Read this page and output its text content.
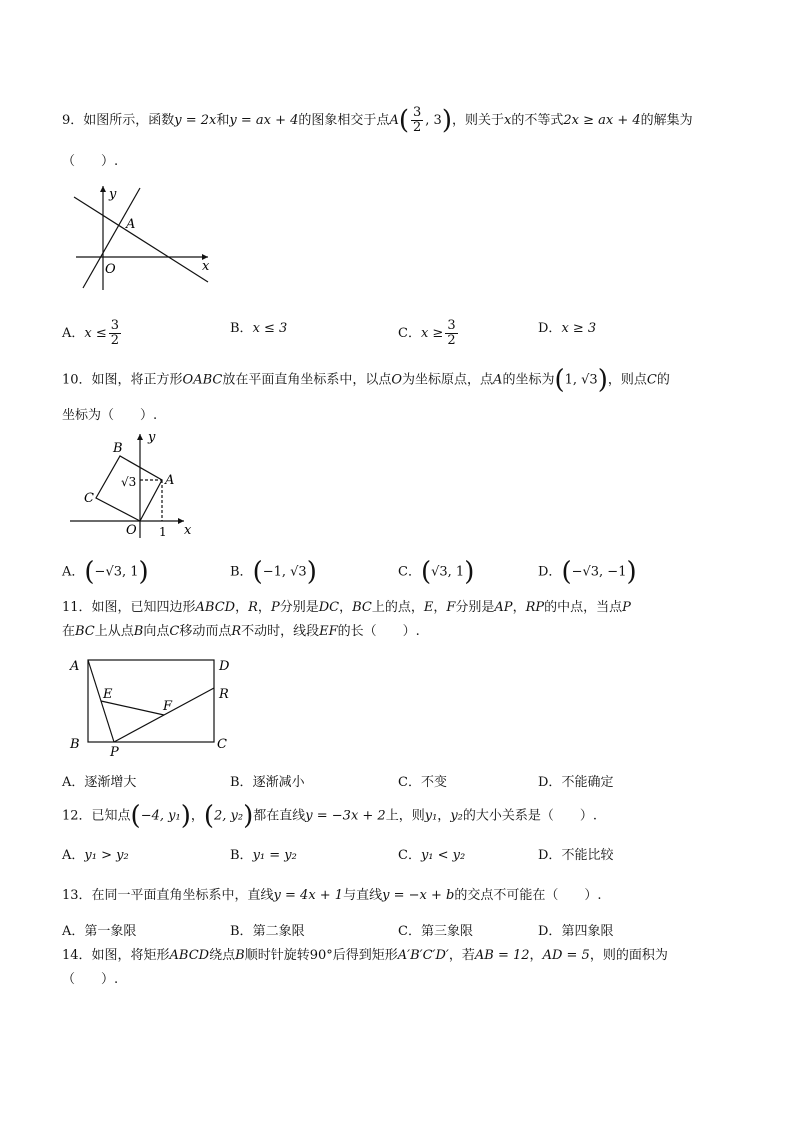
9．如图所示，函数y = 2x和y = ax + 4的图象相交于点$A( \frac{3}{2}$ , 3)，则关于x的不等式2x ≥ ax + 4的解集为
（　　）.
y
A
O	x
A．$x \le \frac{3}{2}$	B．x ≤ 3	C．$x \ge \frac{3}{2}$	D．x ≥ 3
10．如图，将正方形OABC放在平面直角坐标系中，以点O为坐标原点，点A的坐标为(1, √3)，则点C的
坐标为（　　）.
B
y
√3 A
C
O 1 x
A．(−√3, 1)	B．(−1, √3)	C．(√3, 1)	D．(−√3, −1)
11．如图，已知四边形ABCD，R，P分别是DC，BC上的点，E，F分别是AP，RP的中点，当点P
在BC上从点B向点C移动而点R不动时，线段EF的长（　　）.
A	D
E	R
F
B
P
C
A．逐渐增大	B．逐渐减小	C．不变	D．不能确定
12．已知点(−4, y₁)，(2, y₂)都在直线y = −3x + 2上，则y₁，y₂的大小关系是（　　）.
A．y₁ > y₂	B．y₁ = y₂	C．y₁ < y₂	D．不能比较
13．在同一平面直角坐标系中，直线y = 4x + 1与直线y = −x + b的交点不可能在（　　）.
A．第一象限	B．第二象限	C．第三象限	D．第四象限
14．如图，将矩形ABCD绕点B顺时针旋转90°后得到矩形A′B′C′D′，若AB = 12，AD = 5，则的面积为
（　　）.
